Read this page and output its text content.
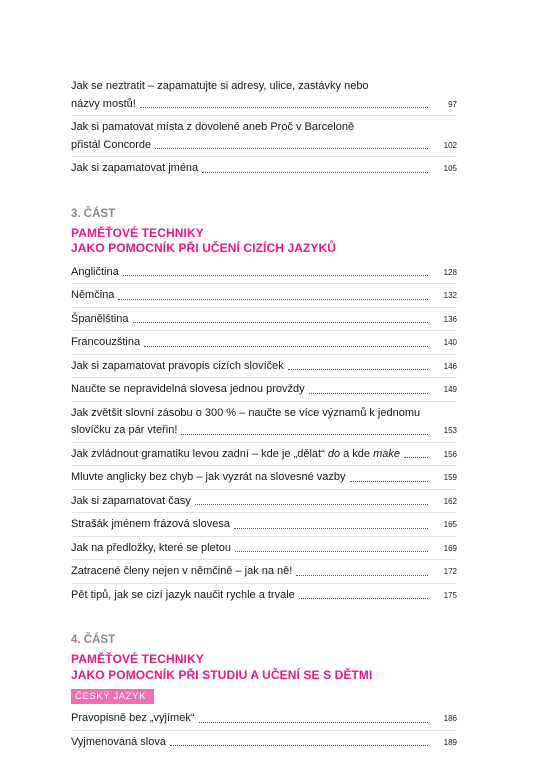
Jak se neztratit – zapamatujte si adresy, ulice, zastávky nebo
názvy mostů!	97
Jak si pamatovat místa z dovolené aneb Proč v Barceloně
přistál Concorde	102
Jak si zapamatovat jména	105
3. ČÁST
PAMĚŤOVÉ TECHNIKY
JAKO POMOCNÍK PŘI UČENÍ CIZÍCH JAZYKŮ
Angličtina	128
Němčina	132
Španělština	136
Francouzština	140
Jak si zapamatovat pravopis cizích slovíček	146
Naučte se nepravidelná slovesa jednou provždy	149
Jak zvětšit slovní zásobu o 300 % – naučte se více významů k jednomu
slovíčku za pár vteřin!	153
Jak zvládnout gramatiku levou zadní – kde je „dělat“ do a kde make	156
Mluvte anglicky bez chyb – jak vyzrát na slovesné vazby	159
Jak si zapamatovat časy	162
Strašák jménem frázová slovesa	165
Jak na předložky, které se pletou	169
Zatracené členy nejen v němčině – jak na ně!	172
Pět tipů, jak se cizí jazyk naučit rychle a trvale	175
4. ČÁST
PAMĚŤOVÉ TECHNIKY
JAKO POMOCNÍK PŘI STUDIU A UČENÍ SE S DĚTMI
ČESKÝ JAZYK
Pravopisně bez „vyjímek“	186
Vyjmenovaná slova	189
